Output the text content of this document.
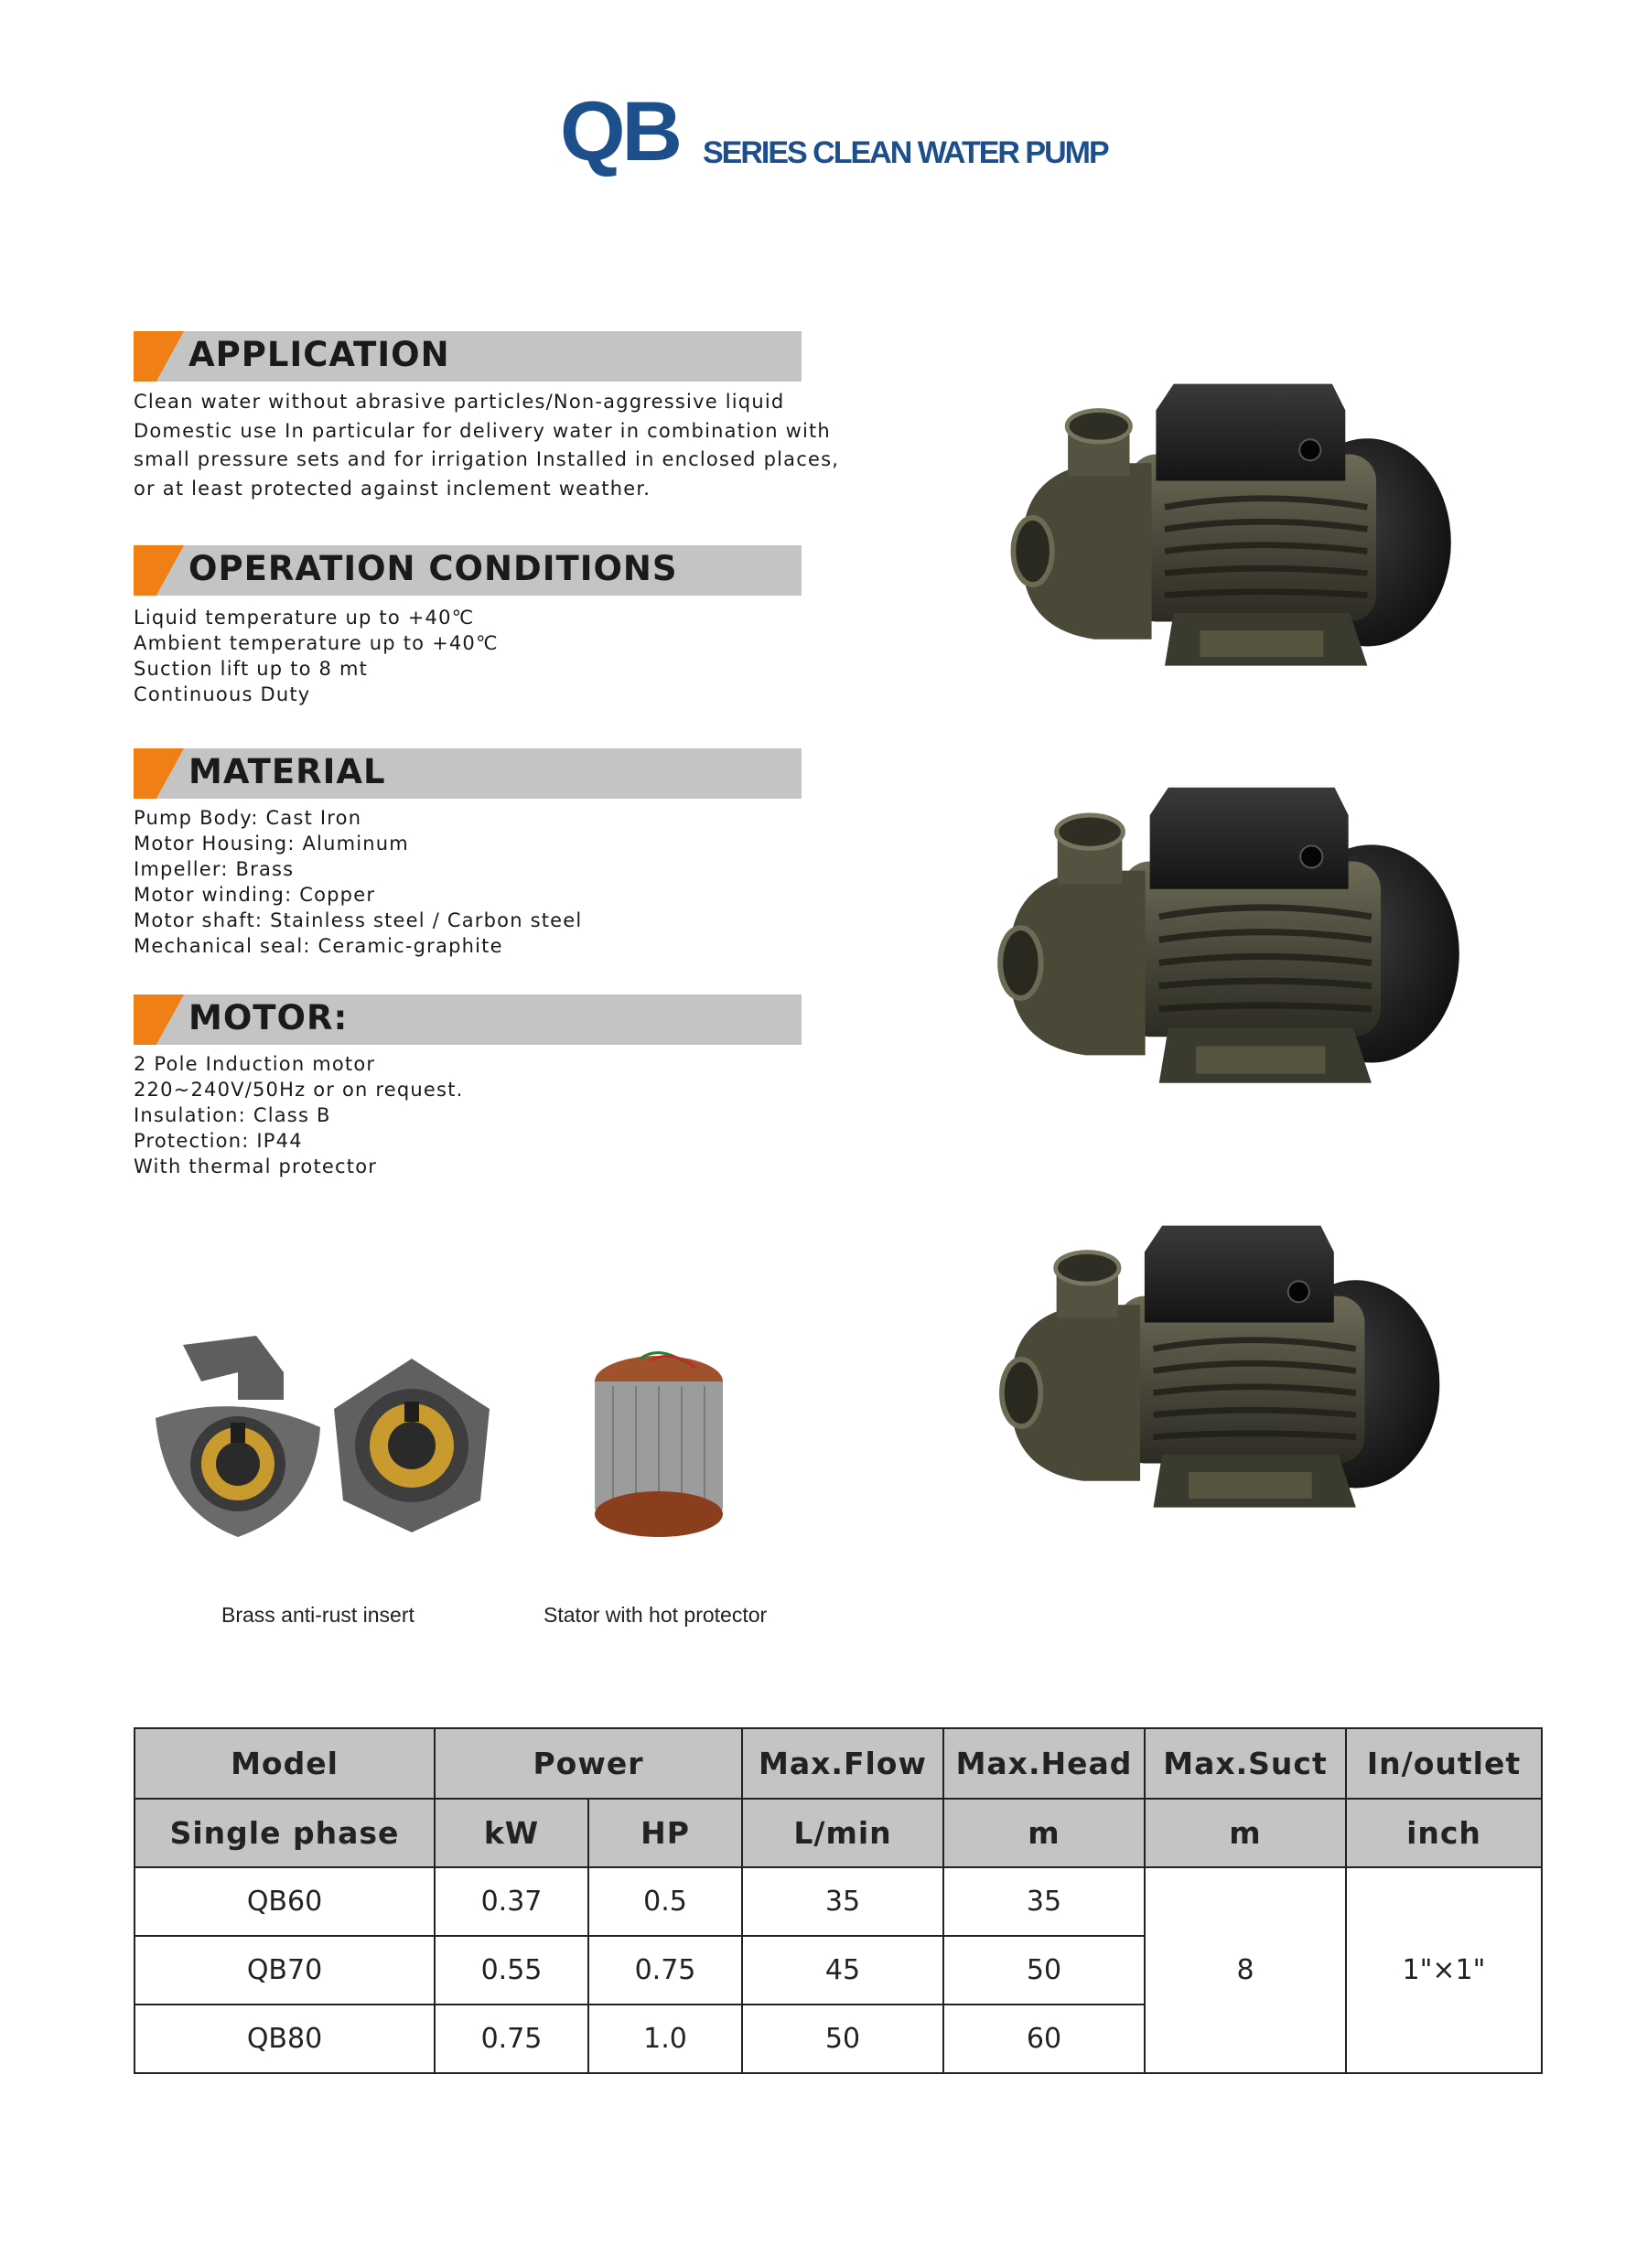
QB SERIES CLEAN WATER PUMP
APPLICATION
Clean water without abrasive particles/Non-aggressive liquid
Domestic use In particular for delivery water in combination with
small pressure sets and for irrigation Installed in enclosed places,
or at least protected against inclement weather.
OPERATION CONDITIONS
Liquid temperature up to +40℃
Ambient temperature up to +40℃
Suction lift up to 8 mt
Continuous Duty
MATERIAL
Pump Body: Cast Iron
Motor Housing: Aluminum
Impeller: Brass
Motor winding: Copper
Motor shaft: Stainless steel / Carbon steel
Mechanical seal: Ceramic-graphite
MOTOR:
2 Pole Induction motor
220~240V/50Hz or on request.
Insulation: Class B
Protection: IP44
With thermal protector
Brass anti-rust insert	Stator with hot protector
Model	Power		Max.Flow	Max.Head	Max.Suct	In/outlet
Single phase	kW	HP	L/min	m	m	inch
QB60	0.37	0.5	35	35	8	1"×1"
QB70	0.55	0.75	45	50		
QB80	0.75	1.0	50	60		
